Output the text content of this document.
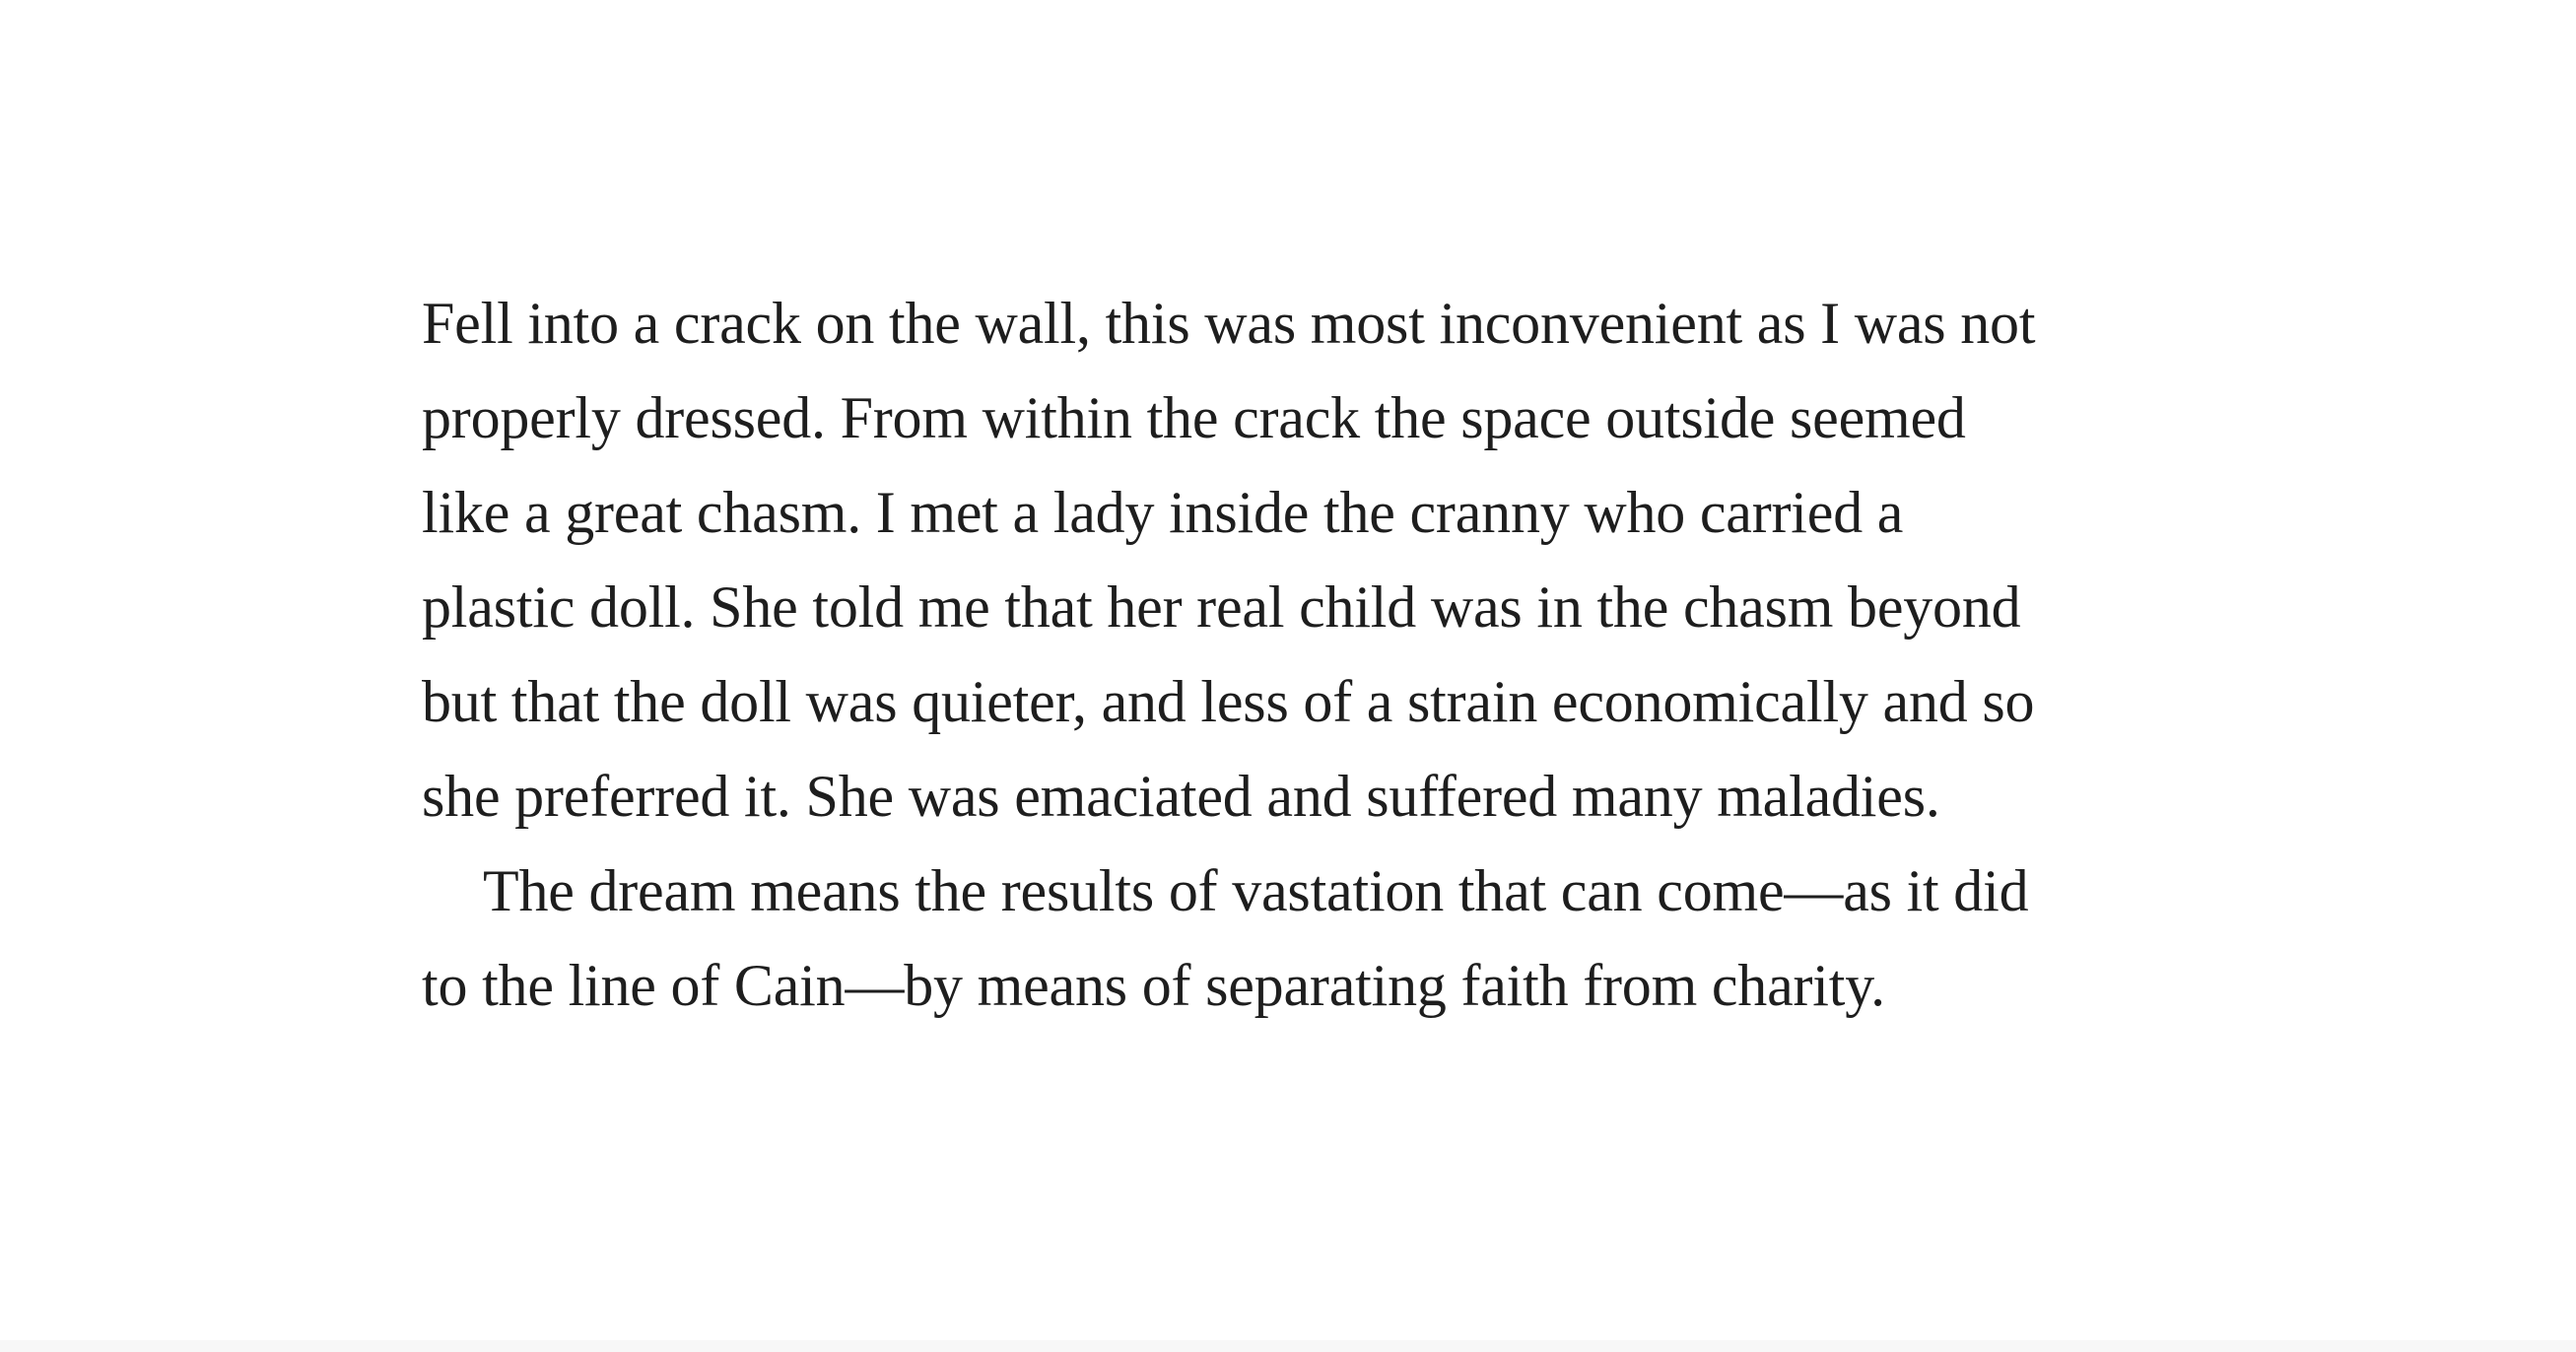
Fell into a crack on the wall, this was most inconvenient as I was not
properly dressed. From within the crack the space outside seemed
like a great chasm. I met a lady inside the cranny who carried a
plastic doll. She told me that her real child was in the chasm beyond
but that the doll was quieter, and less of a strain economically and so
she preferred it. She was emaciated and suffered many maladies.
The dream means the results of vastation that can come—as it did
to the line of Cain—by means of separating faith from charity.
